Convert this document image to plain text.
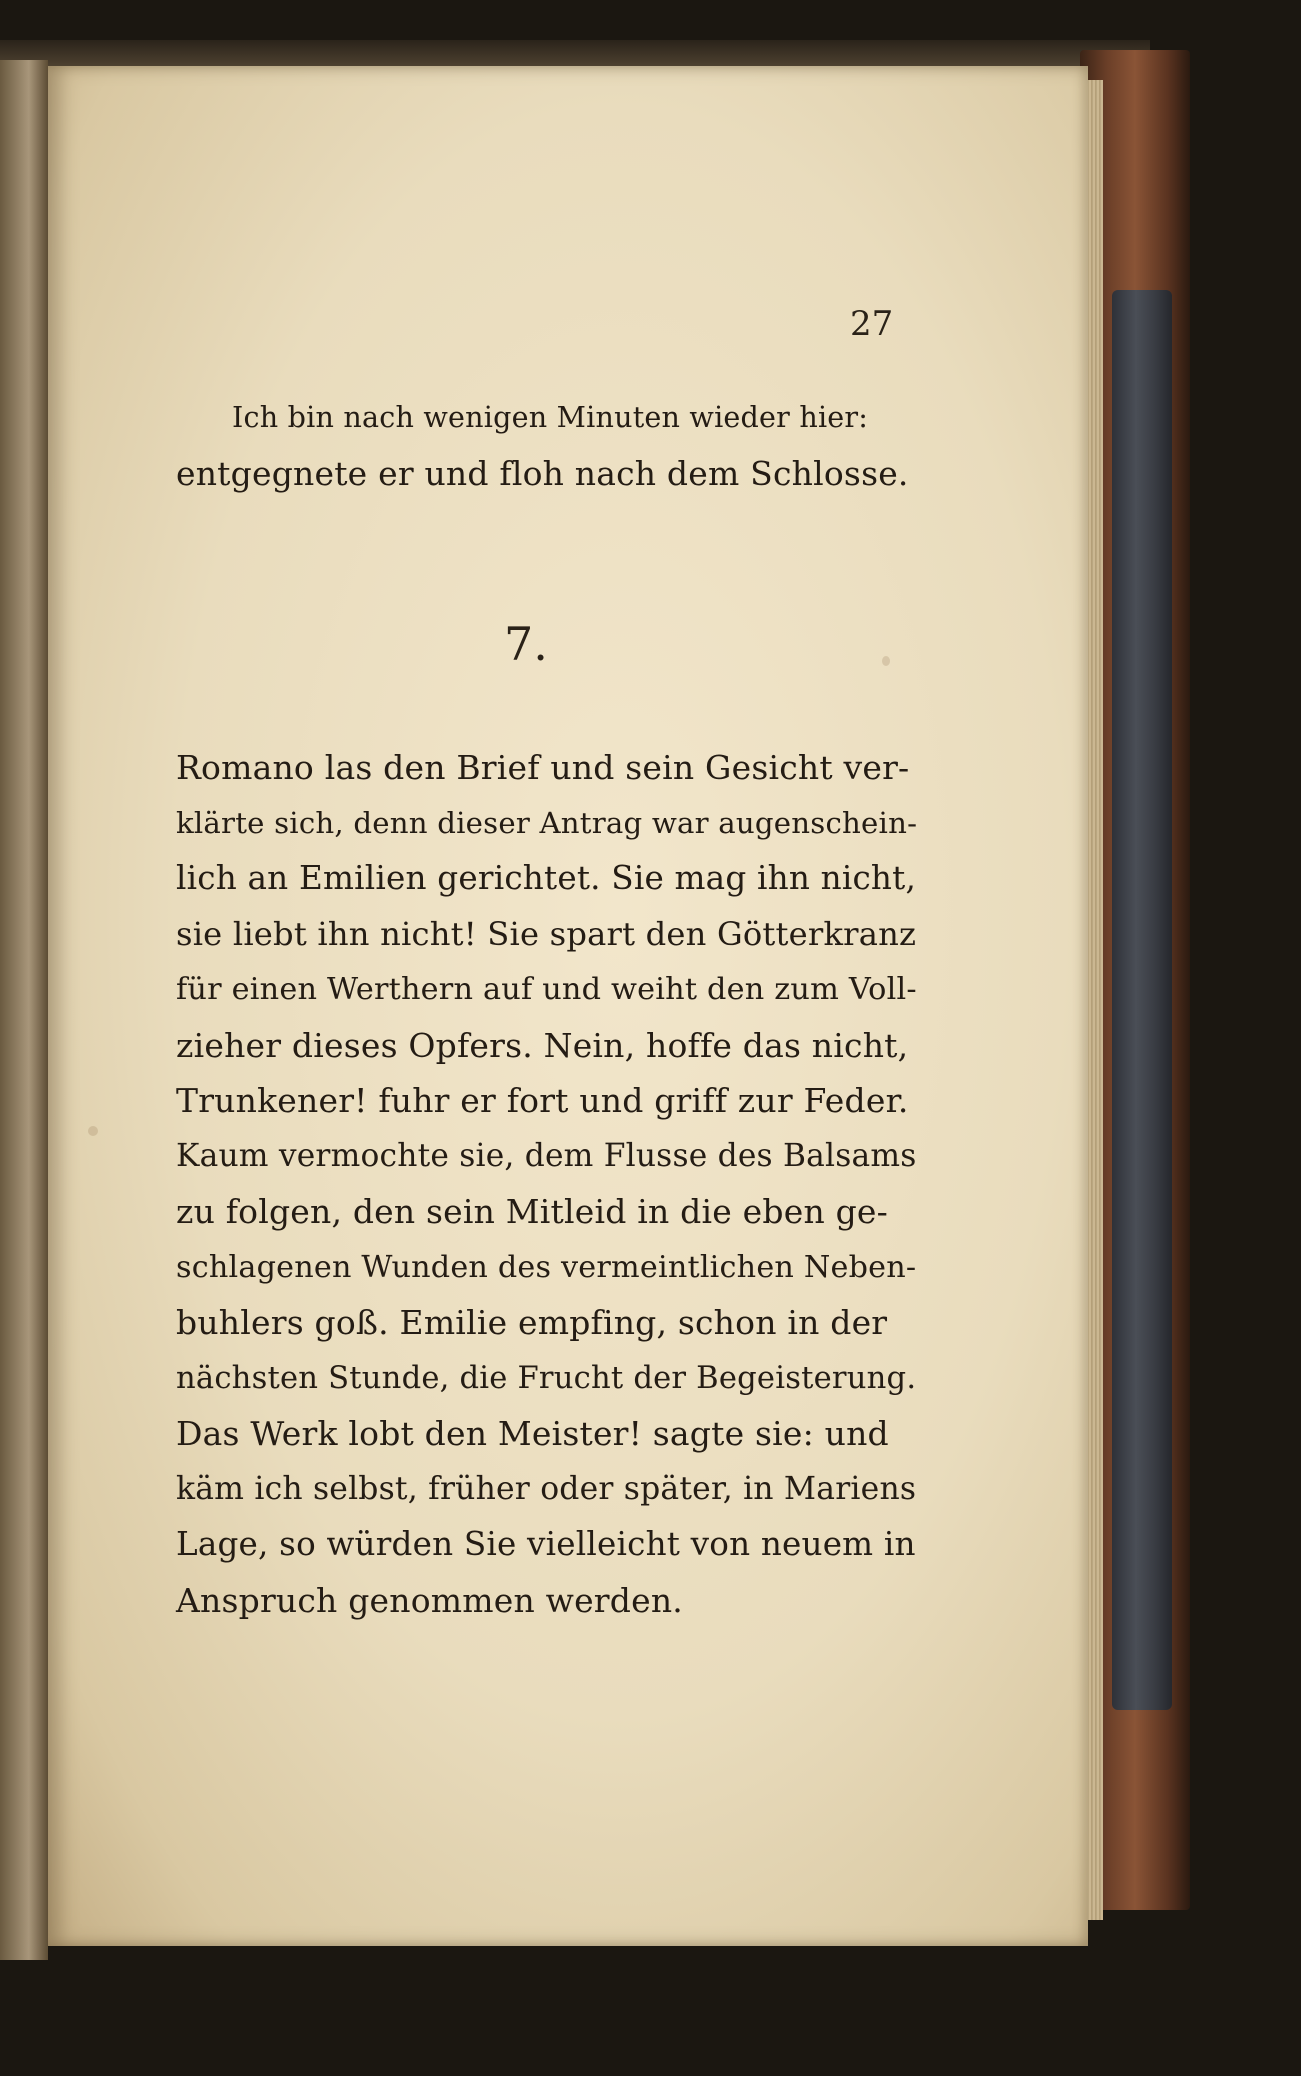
27
Ich bin nach wenigen Minuten wieder hier:
entgegnete er und floh nach dem Schlosse.
7.
Romano las den Brief und sein Gesicht ver-
klärte sich, denn dieser Antrag war augenschein-
lich an Emilien gerichtet. Sie mag ihn nicht,
sie liebt ihn nicht! Sie spart den Götterkranz
für einen Werthern auf und weiht den zum Voll-
zieher dieses Opfers. Nein, hoffe das nicht,
Trunkener! fuhr er fort und griff zur Feder.
Kaum vermochte sie, dem Flusse des Balsams
zu folgen, den sein Mitleid in die eben ge-
schlagenen Wunden des vermeintlichen Neben-
buhlers goß. Emilie empfing, schon in der
nächsten Stunde, die Frucht der Begeisterung.
Das Werk lobt den Meister! sagte sie: und
käm ich selbst, früher oder später, in Mariens
Lage, so würden Sie vielleicht von neuem in
Anspruch genommen werden.
